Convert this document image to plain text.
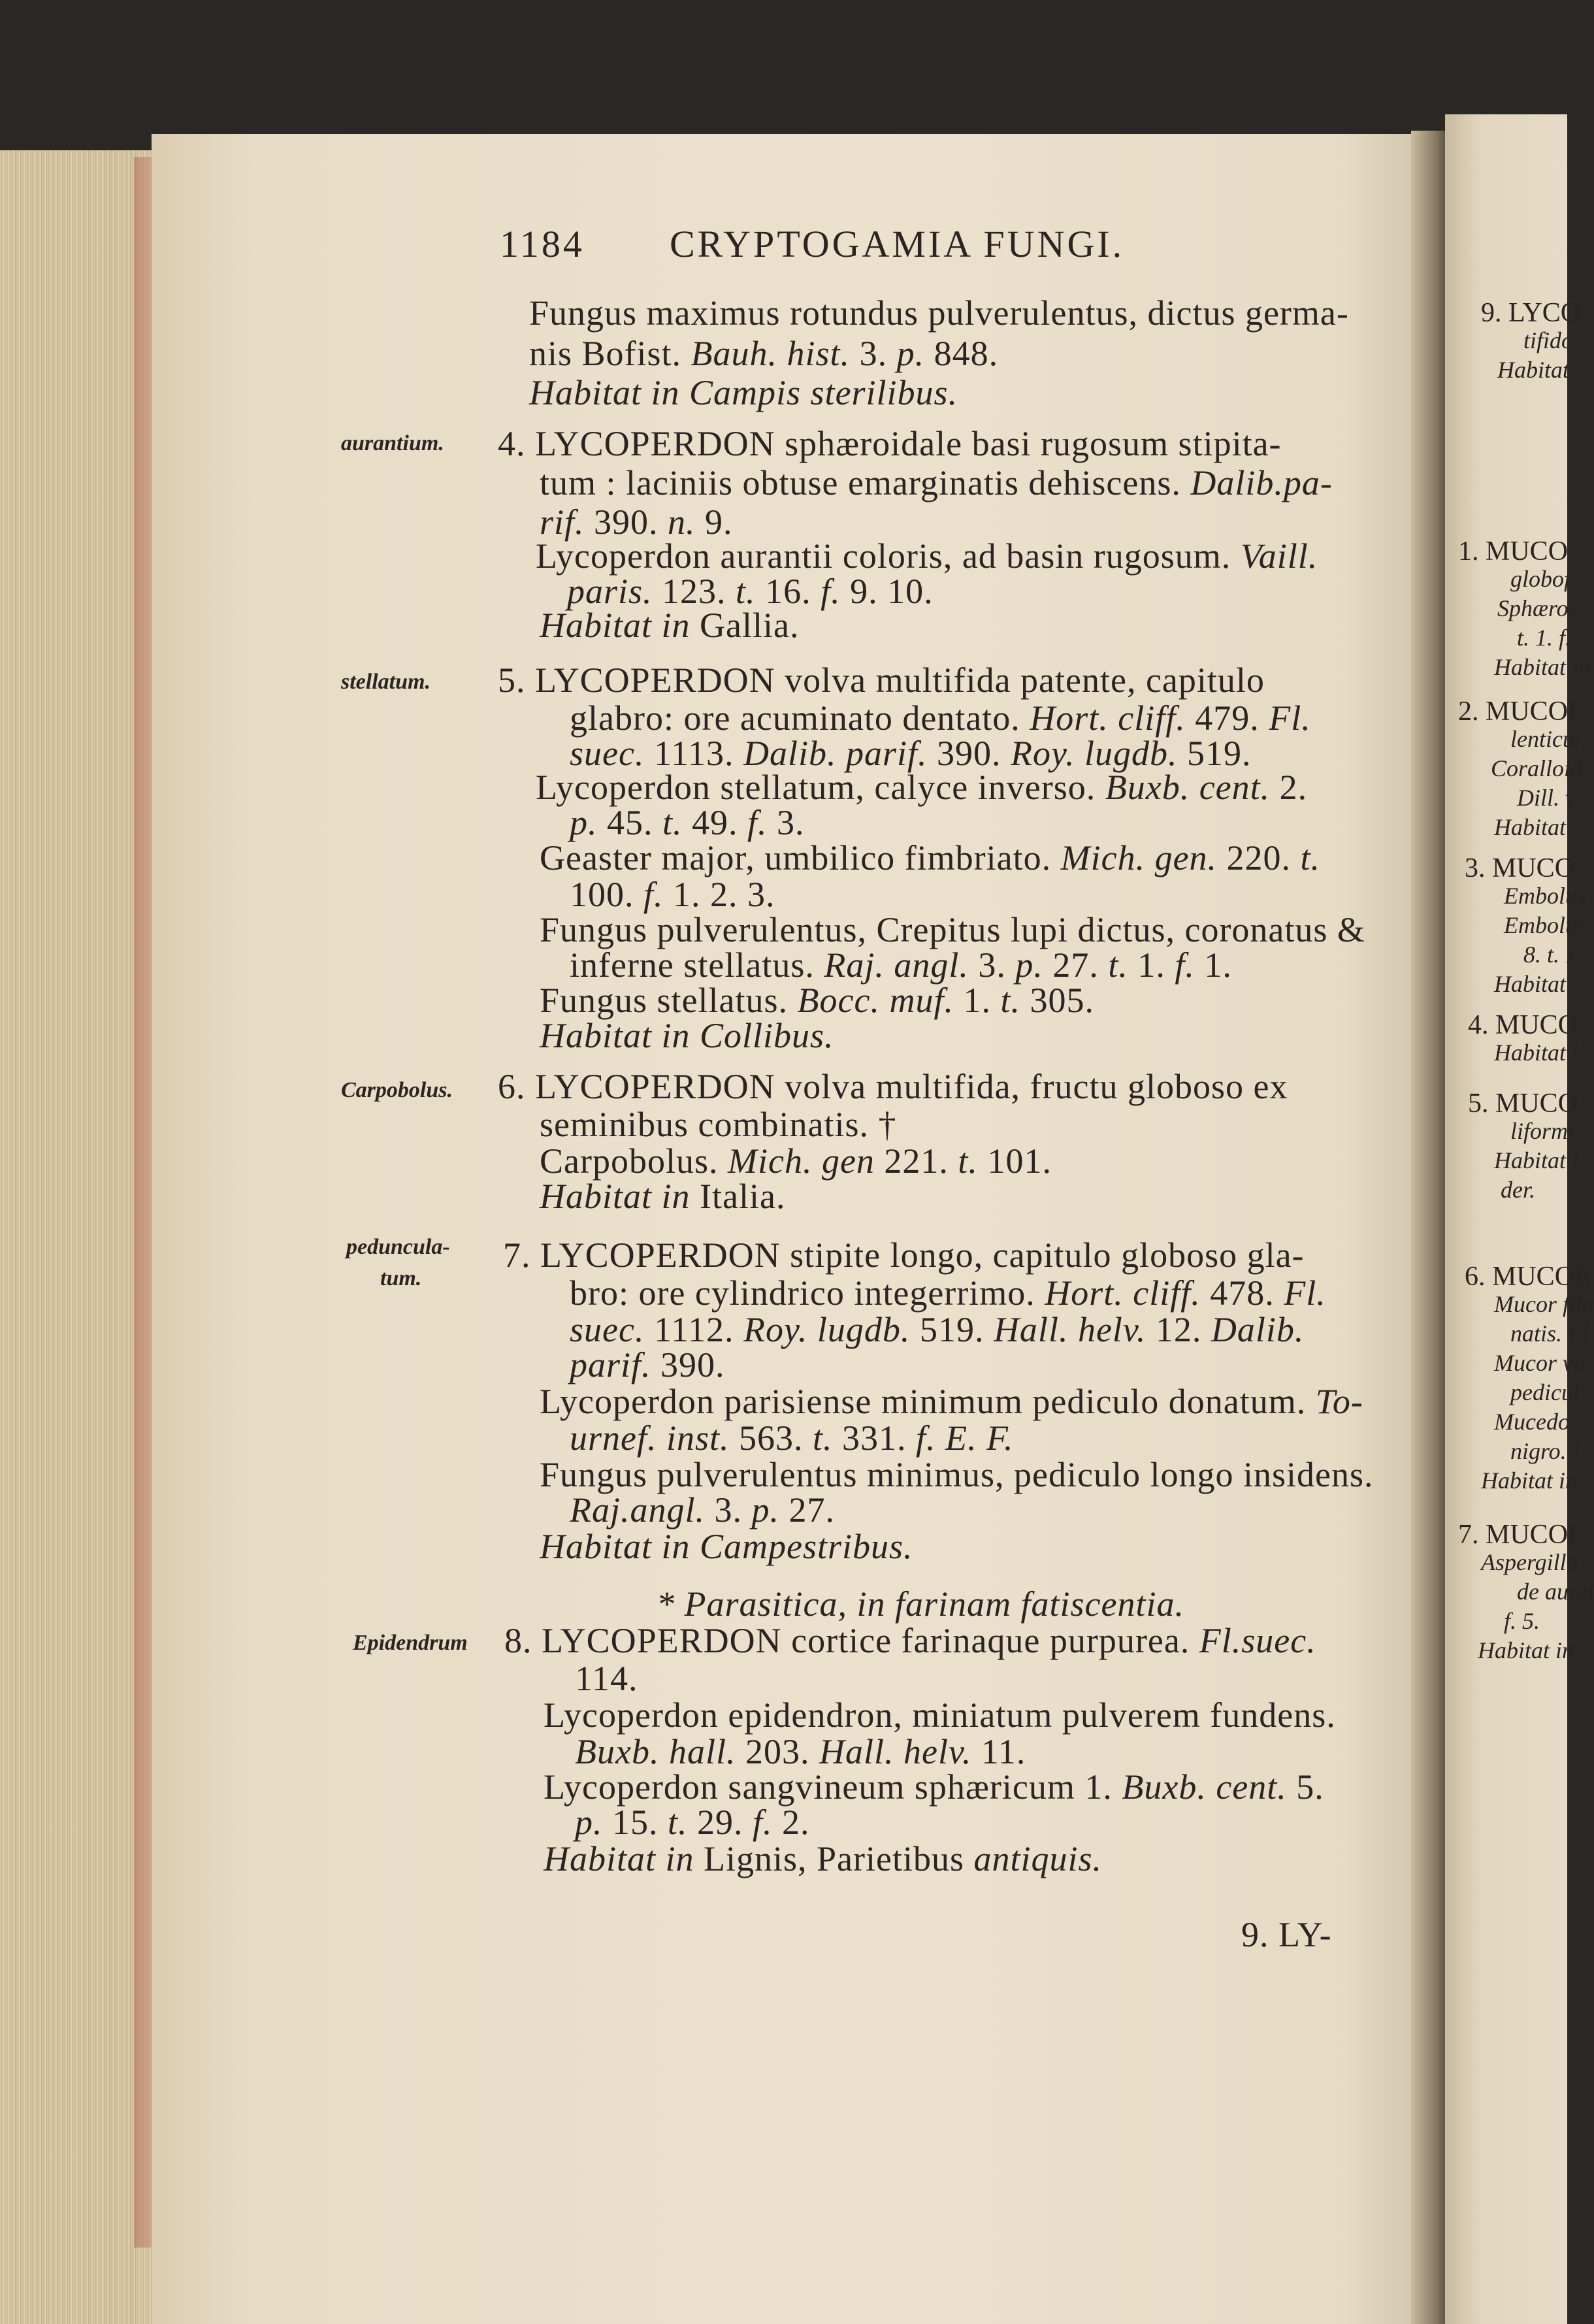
1184 CRYPTOGAMIA FUNGI.
Fungus maximus rotundus pulverulentus, dictus germa-
nis Bofist. Bauh. hist. 3. p. 848.
Habitat in Campis sterilibus.
aurantium. 4. LYCOPERDON sphæroidale basi rugosum stipita-
tum : laciniis obtuse emarginatis dehiscens. Dalib.pa-
rif. 390. n. 9.
Lycoperdon aurantii coloris, ad basin rugosum. Vaill.
paris. 123. t. 16. f. 9. 10.
Habitat in Gallia.
stellatum. 5. LYCOPERDON volva multifida patente, capitulo
glabro: ore acuminato dentato. Hort. cliff. 479. Fl.
suec. 1113. Dalib. parif. 390. Roy. lugdb. 519.
Lycoperdon stellatum, calyce inverso. Buxb. cent. 2.
p. 45. t. 49. f. 3.
Geaster major, umbilico fimbriato. Mich. gen. 220. t.
100. f. 1. 2. 3.
Fungus pulverulentus, Crepitus lupi dictus, coronatus &
inferne stellatus. Raj. angl. 3. p. 27. t. 1. f. 1.
Fungus stellatus. Bocc. muf. 1. t. 305.
Habitat in Collibus.
Carpobolus. 6. LYCOPERDON volva multifida, fructu globoso ex
seminibus combinatis. †
Carpobolus. Mich. gen 221. t. 101.
Habitat in Italia.
pedunculа-
tum.
7. LYCOPERDON stipite longo, capitulo globoso gla-
bro: ore cylindrico integerrimo. Hort. cliff. 478. Fl.
suec. 1112. Roy. lugdb. 519. Hall. helv. 12. Dalib.
parif. 390.
Lycoperdon parisiense minimum pediculo donatum. To-
urnef. inst. 563. t. 331. f. E. F.
Fungus pulverulentus minimus, pediculo longo insidens.
Raj.angl. 3. p. 27.
Habitat in Campestribus.
* Parasitica, in farinam fatiscentia.
Epidendrum 8. LYCOPERDON cortice farinaque purpurea. Fl.suec.
114.
Lycoperdon epidendron, miniatum pulverem fundens.
Buxb. hall. 203. Hall. helv. 11.
Lycoperdon sangvineum sphæricum 1. Buxb. cent. 5.
p. 15. t. 29. f. 2.
Habitat in Lignis, Parietibus antiquis.
9. LY-
9. LYCO
tifido
Habitat
1. MUCO
globof
Sphæroc
t. 1. f.
Habitat in
2. MUCOI
lenticul
Coralloid
Dill. v
Habitat
3. MUCO
Embolus
Embolus
8. t. 1
Habitat
4. MUCO
Habitat l
5. MUCO
liformi
Habitat i
der.
6. MUCOR
Mucor fila
natis. Fl
Mucor vu
pedicul
Mucedo
nigro. I
Habitat in
7. MUCOI
Aspergillu
de aurei
f. 5.
Habitat in
